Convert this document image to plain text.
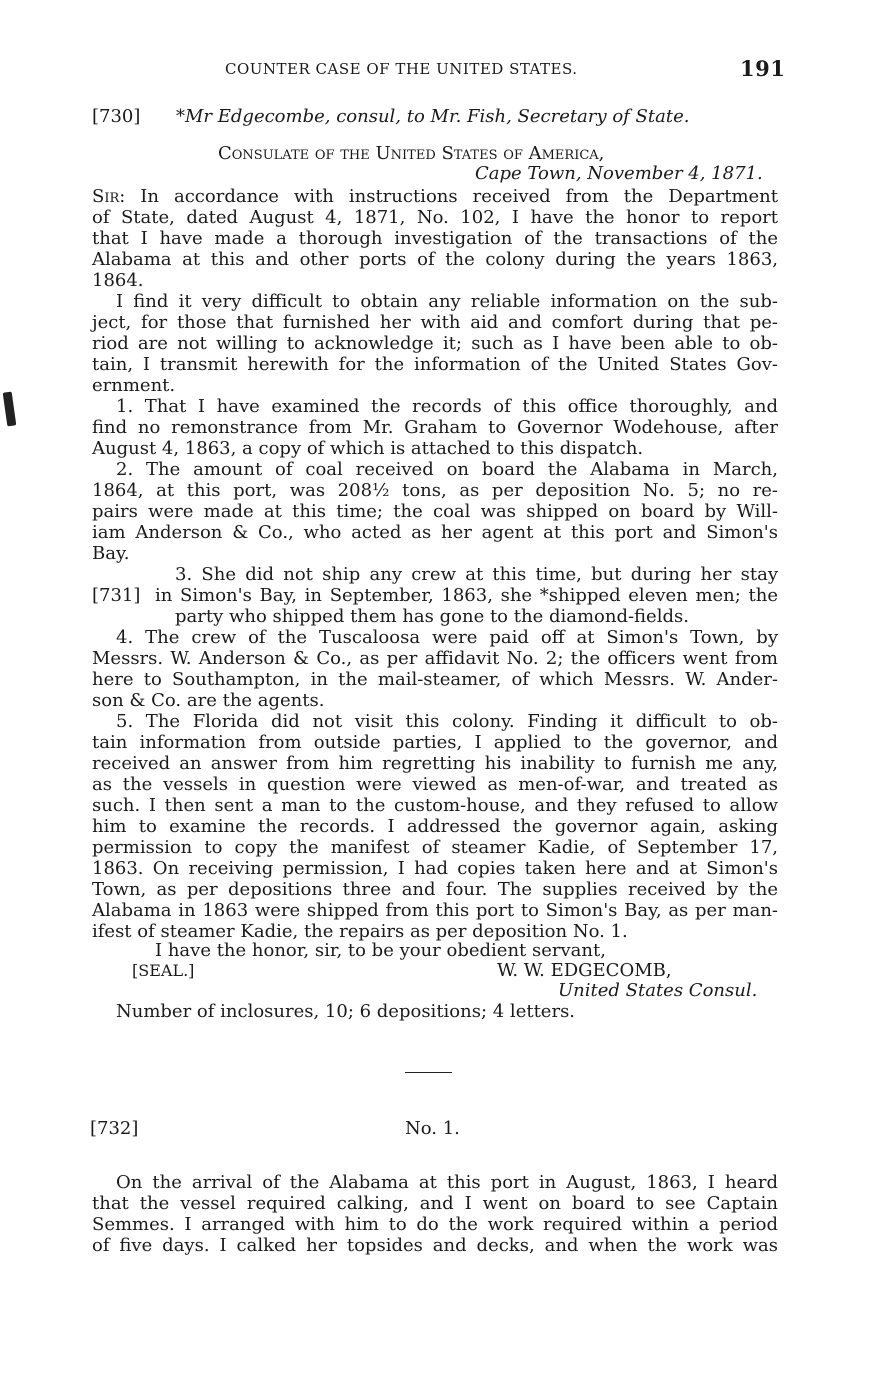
COUNTER CASE OF THE UNITED STATES.	191
[730] *Mr Edgecombe, consul, to Mr. Fish, Secretary of State.
Consulate of the United States of America,
Cape Town, November 4, 1871.
Sir: In accordance with instructions received from the Department
of State, dated August 4, 1871, No. 102, I have the honor to report
that I have made a thorough investigation of the transactions of the
Alabama at this and other ports of the colony during the years 1863,
1864.
I find it very difficult to obtain any reliable information on the sub-
ject, for those that furnished her with aid and comfort during that pe-
riod are not willing to acknowledge it; such as I have been able to ob-
tain, I transmit herewith for the information of the United States Gov-
ernment.
1. That I have examined the records of this office thoroughly, and
find no remonstrance from Mr. Graham to Governor Wodehouse, after
August 4, 1863, a copy of which is attached to this dispatch.
2. The amount of coal received on board the Alabama in March,
1864, at this port, was 208½ tons, as per deposition No. 5; no re-
pairs were made at this time; the coal was shipped on board by Will-
iam Anderson & Co., who acted as her agent at this port and Simon's
Bay.
3. She did not ship any crew at this time, but during her stay
in Simon's Bay, in September, 1863, she *shipped eleven men; the
party who shipped them has gone to the diamond-fields.
4. The crew of the Tuscaloosa were paid off at Simon's Town, by
Messrs. W. Anderson & Co., as per affidavit No. 2; the officers went from
here to Southampton, in the mail-steamer, of which Messrs. W. Ander-
son & Co. are the agents.
5. The Florida did not visit this colony. Finding it difficult to ob-
tain information from outside parties, I applied to the governor, and
received an answer from him regretting his inability to furnish me any,
as the vessels in question were viewed as men-of-war, and treated as
such. I then sent a man to the custom-house, and they refused to allow
him to examine the records. I addressed the governor again, asking
permission to copy the manifest of steamer Kadie, of September 17,
1863. On receiving permission, I had copies taken here and at Simon's
Town, as per depositions three and four. The supplies received by the
Alabama in 1863 were shipped from this port to Simon's Bay, as per man-
ifest of steamer Kadie, the repairs as per deposition No. 1.
I have the honor, sir, to be your obedient servant,
[731]
[SEAL.]	W. W. EDGECOMB,
United States Consul.
Number of inclosures, 10; 6 depositions; 4 letters.
[732]	No. 1.
On the arrival of the Alabama at this port in August, 1863, I heard
that the vessel required calking, and I went on board to see Captain
Semmes. I arranged with him to do the work required within a period
of five days. I calked her topsides and decks, and when the work was
